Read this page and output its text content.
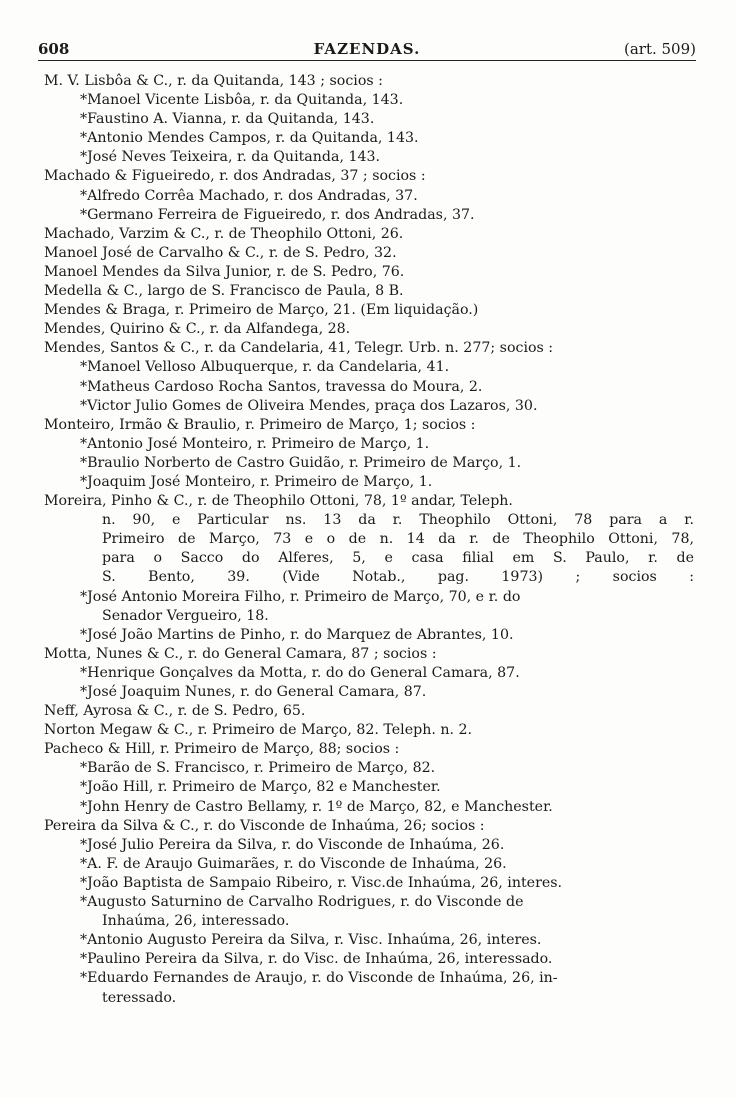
608	FAZENDAS.	(art. 509)
M. V. Lisbôa & C., r. da Quitanda, 143 ; socios :
*Manoel Vicente Lisbôa, r. da Quitanda, 143.
*Faustino A. Vianna, r. da Quitanda, 143.
*Antonio Mendes Campos, r. da Quitanda, 143.
*José Neves Teixeira, r. da Quitanda, 143.
Machado & Figueiredo, r. dos Andradas, 37 ; socios :
*Alfredo Corrêa Machado, r. dos Andradas, 37.
*Germano Ferreira de Figueiredo, r. dos Andradas, 37.
Machado, Varzim & C., r. de Theophilo Ottoni, 26.
Manoel José de Carvalho & C., r. de S. Pedro, 32.
Manoel Mendes da Silva Junior, r. de S. Pedro, 76.
Medella & C., largo de S. Francisco de Paula, 8 B.
Mendes & Braga, r. Primeiro de Março, 21. (Em liquidação.)
Mendes, Quirino & C., r. da Alfandega, 28.
Mendes, Santos & C., r. da Candelaria, 41, Telegr. Urb. n. 277; socios :
*Manoel Velloso Albuquerque, r. da Candelaria, 41.
*Matheus Cardoso Rocha Santos, travessa do Moura, 2.
*Victor Julio Gomes de Oliveira Mendes, praça dos Lazaros, 30.
Monteiro, Irmão & Braulio, r. Primeiro de Março, 1; socios :
*Antonio José Monteiro, r. Primeiro de Março, 1.
*Braulio Norberto de Castro Guidão, r. Primeiro de Março, 1.
*Joaquim José Monteiro, r. Primeiro de Março, 1.
Moreira, Pinho & C., r. de Theophilo Ottoni, 78, 1º andar, Teleph.
n. 90, e Particular ns. 13 da r. Theophilo Ottoni, 78 para a r.
Primeiro de Março, 73 e o de n. 14 da r. de Theophilo Ottoni, 78,
para o Sacco do Alferes, 5, e casa filial em S. Paulo, r. de
S. Bento, 39. (Vide Notab., pag. 1973) ; socios :
*José Antonio Moreira Filho, r. Primeiro de Março, 70, e r. do
Senador Vergueiro, 18.
*José João Martins de Pinho, r. do Marquez de Abrantes, 10.
Motta, Nunes & C., r. do General Camara, 87 ; socios :
*Henrique Gonçalves da Motta, r. do do General Camara, 87.
*José Joaquim Nunes, r. do General Camara, 87.
Neff, Ayrosa & C., r. de S. Pedro, 65.
Norton Megaw & C., r. Primeiro de Março, 82. Teleph. n. 2.
Pacheco & Hill, r. Primeiro de Março, 88; socios :
*Barão de S. Francisco, r. Primeiro de Março, 82.
*João Hill, r. Primeiro de Março, 82 e Manchester.
*John Henry de Castro Bellamy, r. 1º de Março, 82, e Manchester.
Pereira da Silva & C., r. do Visconde de Inhaúma, 26; socios :
*José Julio Pereira da Silva, r. do Visconde de Inhaúma, 26.
*A. F. de Araujo Guimarães, r. do Visconde de Inhaúma, 26.
*João Baptista de Sampaio Ribeiro, r. Visc.de Inhaúma, 26, interes.
*Augusto Saturnino de Carvalho Rodrigues, r. do Visconde de
Inhaúma, 26, interessado.
*Antonio Augusto Pereira da Silva, r. Visc. Inhaúma, 26, interes.
*Paulino Pereira da Silva, r. do Visc. de Inhaúma, 26, interessado.
*Eduardo Fernandes de Araujo, r. do Visconde de Inhaúma, 26, in-
teressado.
